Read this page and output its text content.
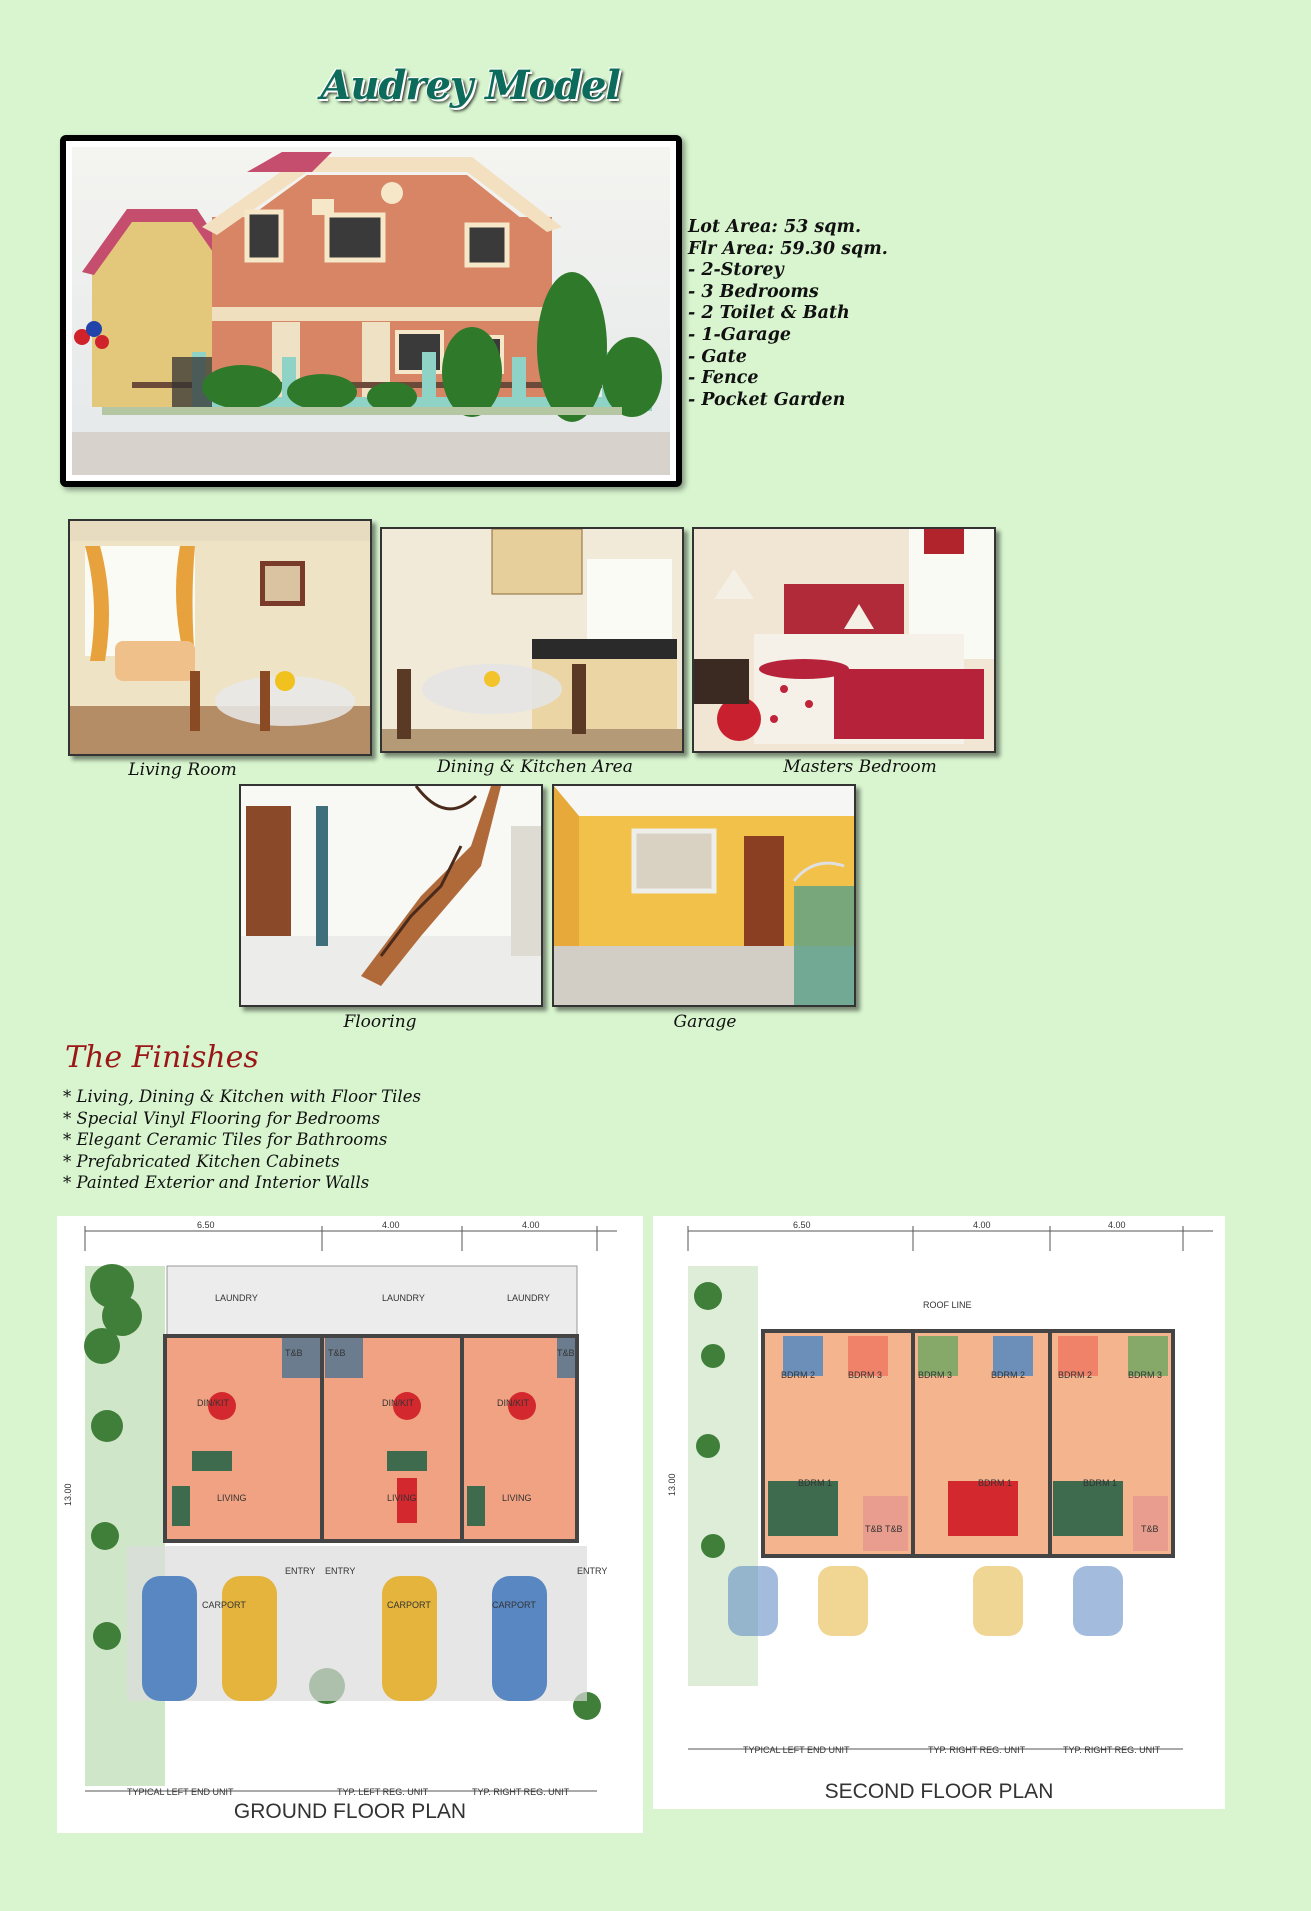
Audrey Model
Lot Area: 53 sqm.
Flr Area: 59.30 sqm.
- 2-Storey
- 3 Bedrooms
- 2 Toilet & Bath
- 1-Garage
- Gate
- Fence
- Pocket Garden
Living Room	Dining & Kitchen Area	Masters Bedroom
Flooring	Garage
The Finishes
* Living, Dining & Kitchen with Floor Tiles
* Special Vinyl Flooring for Bedrooms
* Elegant Ceramic Tiles for Bathrooms
* Prefabricated Kitchen Cabinets
* Painted Exterior and Interior Walls
6.50	4.00	4.00
13.00
LAUNDRY	LAUNDRY	LAUNDRY
T&B	T&B	T&B
DIN/KIT	DIN/KIT	DIN/KIT
LIVING	LIVING	LIVING
ENTRY ENTRY	ENTRY
CARPORT	CARPORT	CARPORT
TYPICAL LEFT END UNIT	TYP. LEFT REG. UNIT	TYP. RIGHT REG. UNIT
GROUND FLOOR PLAN
6.50	4.00	4.00
13.00
ROOF LINE
BDRM 2	BDRM 3	BDRM 3	BDRM 2	BDRM 2	BDRM 3
BDRM 1	BDRM 1	BDRM 1
T&B T&B	T&B
TYPICAL LEFT END UNIT	TYP. RIGHT REG. UNIT	TYP. RIGHT REG. UNIT
SECOND FLOOR PLAN
